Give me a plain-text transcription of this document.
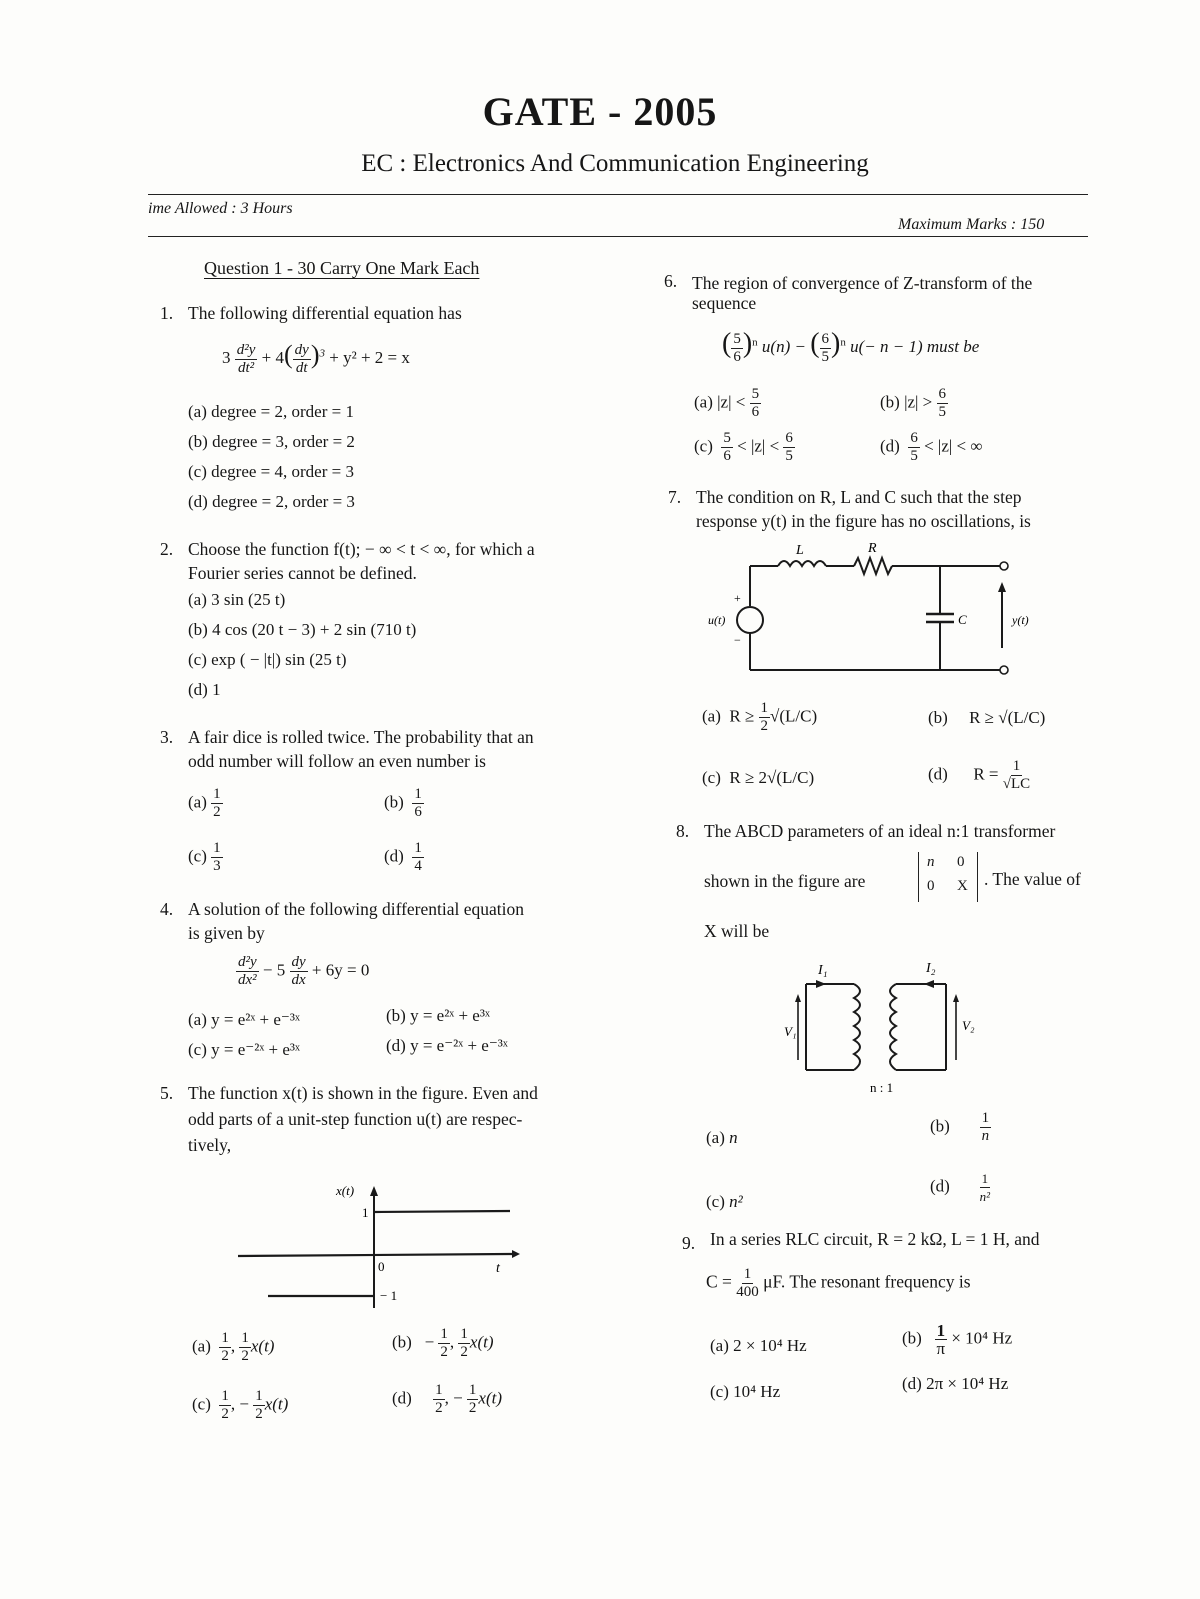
GATE - 2005
EC : Electronics And Communication Engineering
ime Allowed : 3 Hours
Maximum Marks : 150
Question 1 - 30 Carry One Mark Each
1. The following differential equation has
$3 \frac{\text{d²y}}{\text{dt²}} + 4( \frac{dy}{dt} )^3 + y^2 + 2 = x$
(a) degree = 2, order = 1
(b) degree = 3, order = 2
(c) degree = 4, order = 3
(d) degree = 2, order = 3
2. Choose the function f(t); − ∞ < t < ∞, for which a
Fourier series cannot be defined.
(a) 3 sin (25 t)
(b) 4 cos (20 t − 3) + 2 sin (710 t)
(c) exp ( − |t|) sin (25 t)
(d) 1
3. A fair dice is rolled twice. The probability that an
odd number will follow an even number is
$(a) \frac{1}{2}$	$(b) \frac{1}{6}$
$(c) \frac{1}{3}$	$(d) \frac{1}{4}$
4. A solution of the following differential equation
is given by
$\frac{\text{d²y}}{\text{dx²}} - 5 \frac{dy}{dx} + 6y = 0$
(a) y = e²ˣ + e⁻³ˣ	(b) y = e²ˣ + e³ˣ
(c) y = e⁻²ˣ + e³ˣ	(d) y = e⁻²ˣ + e⁻³ˣ
5. The function x(t) is shown in the figure. Even and
odd parts of a unit-step function u(t) are respec-
tively,
x(t)
1
0
− 1
t
$(a) \frac{1}{2}$ , $\frac{1}{2} x(t)$	$(b) - \frac{1}{2}$ , $\frac{1}{2} x(t)$
$(c) \frac{1}{2}$ , − $\frac{1}{2} x(t)$	$(d) \frac{1}{2}$ , − $\frac{1}{2} x(t)$
6. The region of convergence of Z-transform of the
sequence
( $\frac{5}{6} )^n$ u(n) − ( $\frac{6}{5} )^n$ u(− n − 1) must be
(a) $|z| < \frac{5}{6}$	(b) $|z| > \frac{6}{5}$
$(c) \frac{5}{6} < |z| < \frac{6}{5}$	$(d) \frac{6}{5} < |z|$ < ∞
7. The condition on R, L and C such that the step
response y(t) in the figure has no oscillations, is
L	R
C
u(t)
+
−
y(t)
(a)  $R \ge \frac{1}{2} √(L/C)$	(b)     R ≥ √(L/C)
(c)  R ≥ 2√(L/C)	(d)      $R = \frac{1}{√LC}$
8. The ABCD parameters of an ideal n:1 transformer
shown in the figure are
n 0
0 X . The value of
X will be
I₁	I₂
V₁	V₂
n : 1
(a) n
$(b) \frac{1}{n}$
(c) n²
$(d) \frac{1}{\text{n²}}$
9. In a series RLC circuit, R = 2 kΩ, L = 1 H, and
$C = \frac{1}{400} \mu F$. The resonant frequency is
(a) 2 × 10⁴ Hz	$(b) \frac{1}{\pi} \times 10^4$ Hz
(c) 10⁴ Hz	(d) 2π × 10⁴ Hz
